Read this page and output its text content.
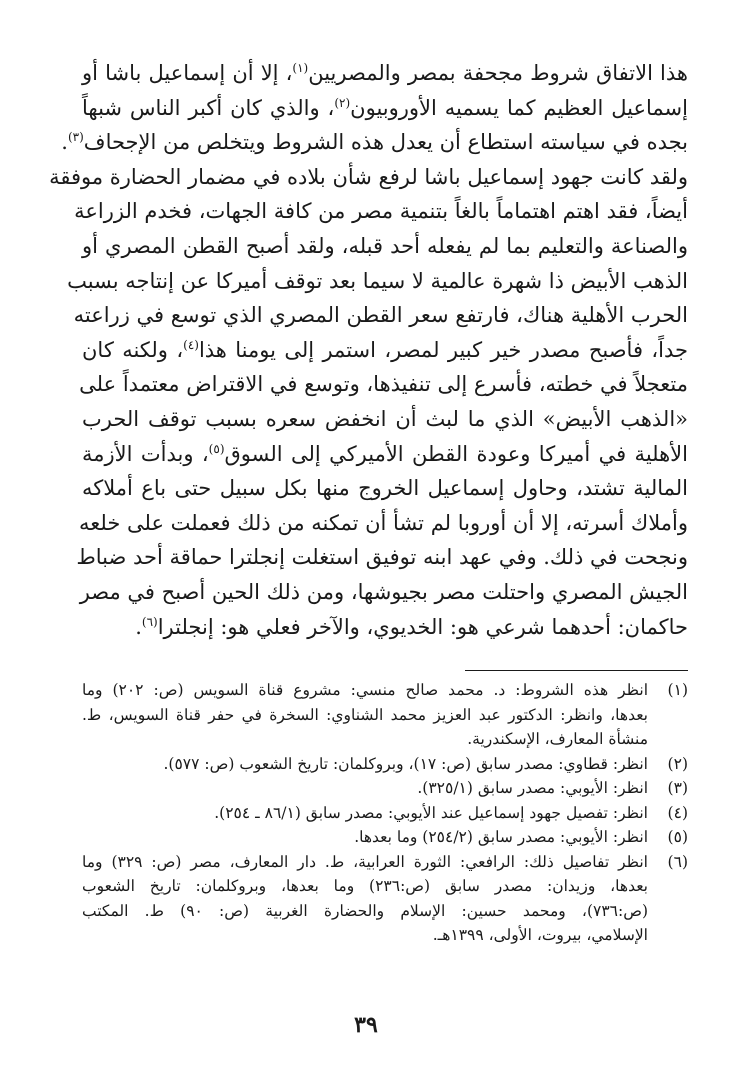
هذا الاتفاق شروط مجحفة بمصر والمصريين$^{(١)}$، إلا أن إسماعيل باشا أو
إسماعيل العظيم كما يسميه الأوروبيون$^{(٢)}$، والذي كان أكبر الناس شبهاً
بجده في سياسته استطاع أن يعدل هذه الشروط ويتخلص من الإجحاف$^{(٣)}$.
ولقد كانت جهود إسماعيل باشا لرفع شأن بلاده في مضمار الحضارة موفقة
أيضاً، فقد اهتم اهتماماً بالغاً بتنمية مصر من كافة الجهات، فخدم الزراعة
والصناعة والتعليم بما لم يفعله أحد قبله، ولقد أصبح القطن المصري أو
الذهب الأبيض ذا شهرة عالمية لا سيما بعد توقف أميركا عن إنتاجه بسبب
الحرب الأهلية هناك، فارتفع سعر القطن المصري الذي توسع في زراعته
جداً، فأصبح مصدر خير كبير لمصر، استمر إلى يومنا هذا$^{(٤)}$، ولكنه كان
متعجلاً في خطته، فأسرع إلى تنفيذها، وتوسع في الاقتراض معتمداً على
«الذهب الأبيض» الذي ما لبث أن انخفض سعره بسبب توقف الحرب
الأهلية في أميركا وعودة القطن الأميركي إلى السوق$^{(٥)}$، وبدأت الأزمة
المالية تشتد، وحاول إسماعيل الخروج منها بكل سبيل حتى باع أملاكه
وأملاك أسرته، إلا أن أوروبا لم تشأ أن تمكنه من ذلك فعملت على خلعه
ونجحت في ذلك. وفي عهد ابنه توفيق استغلت إنجلترا حماقة أحد ضباط
الجيش المصري واحتلت مصر بجيوشها، ومن ذلك الحين أصبح في مصر
حاكمان: أحدهما شرعي هو: الخديوي، والآخر فعلي هو: إنجلترا$^{(٦)}$.
(١)
انظر هذه الشروط: د. محمد صالح منسي: مشروع قناة السويس (ص: ٢٠٢) وما
بعدها، وانظر: الدكتور عبد العزيز محمد الشناوي: السخرة في حفر قناة السويس، ط.
منشأة المعارف، الإسكندرية.
(٢)
انظر: قطاوي: مصدر سابق (ص: ١٧)، وبروكلمان: تاريخ الشعوب (ص: ٥٧٧).
(٣)
انظر: الأيوبي: مصدر سابق (٣٢٥/١).
(٤)
انظر: تفصيل جهود إسماعيل عند الأيوبي: مصدر سابق (٨٦/١ ـ ٢٥٤).
(٥)
انظر: الأيوبي: مصدر سابق (٢٥٤/٢) وما بعدها.
(٦)
انظر تفاصيل ذلك: الرافعي: الثورة العرابية، ط. دار المعارف، مصر (ص: ٣٢٩) وما
بعدها، وزيدان: مصدر سابق (ص:٢٣٦) وما بعدها، وبروكلمان: تاريخ الشعوب
(ص:٧٣٦)، ومحمد حسين: الإسلام والحضارة الغربية (ص: ٩٠) ط. المكتب
الإسلامي، بيروت، الأولى، ١٣٩٩هـ.
٣٩
